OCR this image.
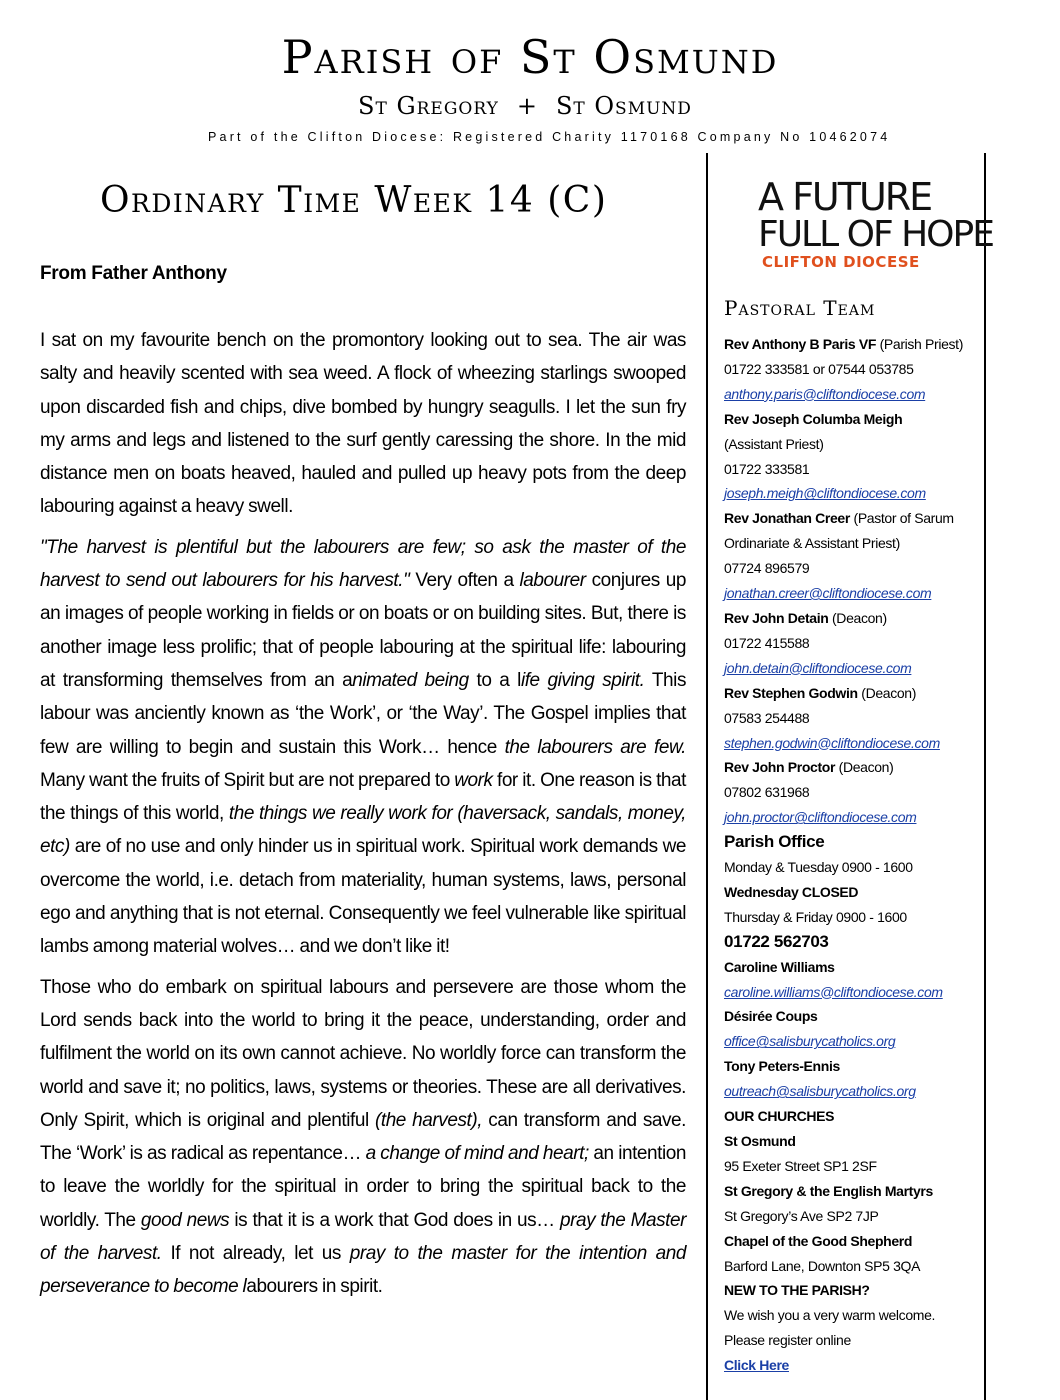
Parish of St Osmund
St Gregory + St Osmund
Part of the Clifton Diocese: Registered Charity 1170168 Company No 10462074
Ordinary Time Week 14 (C)
From Father Anthony

I sat on my favourite bench on the promontory looking out to sea. The air was salty and heavily scented with sea weed. A flock of wheezing starlings swooped upon discarded fish and chips, dive bombed by hungry seagulls. I let the sun fry my arms and legs and listened to the surf gently caressing the shore. In the mid distance men on boats heaved, hauled and pulled up heavy pots from the deep labouring against a heavy swell.

"The harvest is plentiful but the labourers are few; so ask the master of the harvest to send out labourers for his harvest." Very often a labourer conjures up an images of people working in fields or on boats or on building sites. But, there is another image less prolific; that of people labouring at the spiritual life: labouring at transforming themselves from an animated being to a life giving spirit. This labour was anciently known as ‘the Work’, or ‘the Way’. The Gospel implies that few are willing to begin and sustain this Work… hence the labourers are few. Many want the fruits of Spirit but are not prepared to work for it. One reason is that the things of this world, the things we really work for (haversack, sandals, money, etc) are of no use and only hinder us in spiritual work. Spiritual work demands we overcome the world, i.e. detach from materiality, human systems, laws, personal ego and anything that is not eternal. Consequently we feel vulnerable like spiritual lambs among material wolves… and we don’t like it!

Those who do embark on spiritual labours and persevere are those whom the Lord sends back into the world to bring it the peace, understanding, order and fulfilment the world on its own cannot achieve. No worldly force can transform the world and save it; no politics, laws, systems or theories. These are all derivatives. Only Spirit, which is original and plentiful (the harvest), can transform and save. The ‘Work’ is as radical as repentance… a change of mind and heart; an intention to leave the worldly for the spiritual in order to bring the spiritual back to the worldly. The good news is that it is a work that God does in us… pray the Master of the harvest. If not already, let us pray to the master for the intention and perseverance to become labourers in spirit.

A FUTURE
FULL OF HOPE
CLIFTON DIOCESE
Pastoral Team
Rev Anthony B Paris VF (Parish Priest)
01722 333581 or 07544 053785
anthony.paris@cliftondiocese.com
Rev Joseph Columba Meigh
(Assistant Priest)
01722 333581
joseph.meigh@cliftondiocese.com
Rev Jonathan Creer (Pastor of Sarum
Ordinariate & Assistant Priest)
07724 896579
jonathan.creer@cliftondiocese.com
Rev John Detain (Deacon)
01722 415588
john.detain@cliftondiocese.com
Rev Stephen Godwin (Deacon)
07583 254488
stephen.godwin@cliftondiocese.com
Rev John Proctor (Deacon)
07802 631968
john.proctor@cliftondiocese.com
Parish Office
Monday & Tuesday 0900 - 1600
Wednesday CLOSED
Thursday & Friday 0900 - 1600
01722 562703
Caroline Williams
caroline.williams@cliftondiocese.com
Désirée Coups
office@salisburycatholics.org
Tony Peters-Ennis
outreach@salisburycatholics.org
OUR CHURCHES
St Osmund
95 Exeter Street SP1 2SF
St Gregory & the English Martyrs
St Gregory’s Ave SP2 7JP
Chapel of the Good Shepherd
Barford Lane, Downton SP5 3QA
NEW TO THE PARISH?
We wish you a very warm welcome.
Please register online
Click Here
